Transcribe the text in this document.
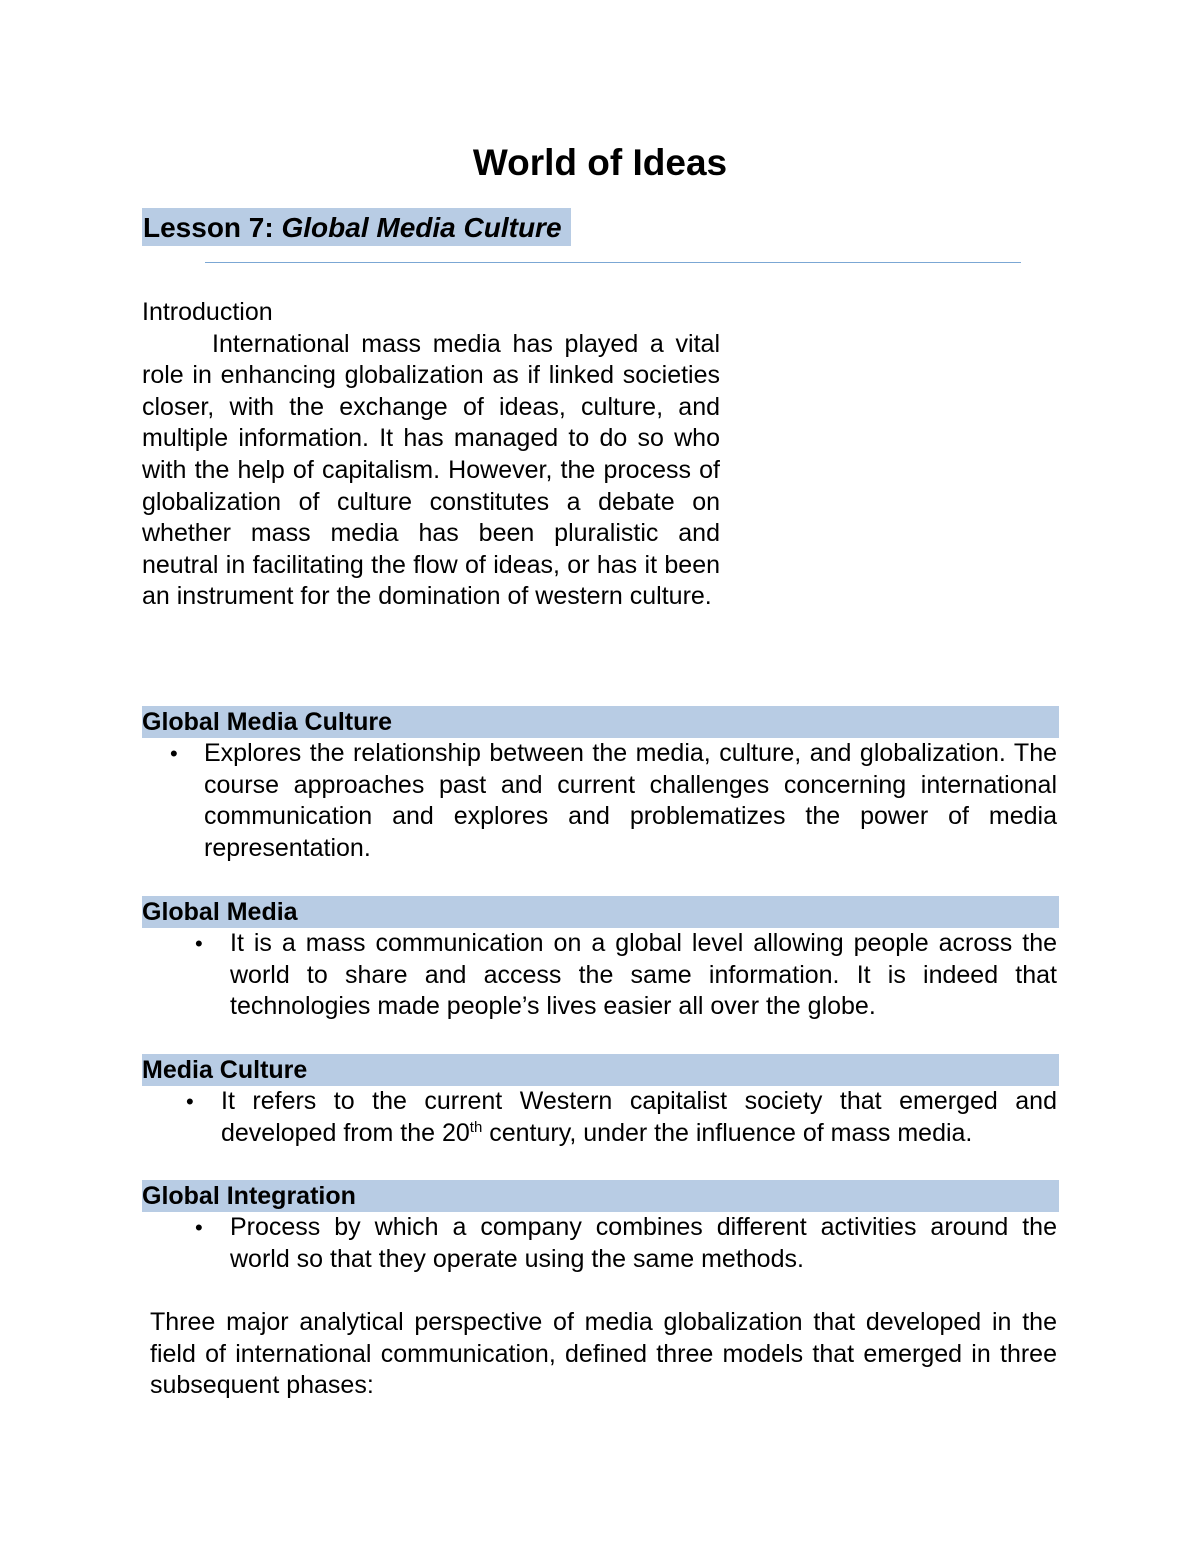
World of Ideas
Lesson 7: Global Media Culture
Introduction
International mass media has played a vital role in enhancing globalization as if linked societies closer, with the exchange of ideas, culture, and multiple information. It has managed to do so who with the help of capitalism. However, the process of globalization of culture constitutes a debate on whether mass media has been pluralistic and neutral in facilitating the flow of ideas, or has it been an instrument for the domination of western culture.
Global Media Culture
• Explores the relationship between the media, culture, and globalization. The course approaches past and current challenges concerning international communication and explores and problematizes the power of media representation.
Global Media
• It is a mass communication on a global level allowing people across the world to share and access the same information. It is indeed that technologies made people’s lives easier all over the globe.
Media Culture
• It refers to the current Western capitalist society that emerged and developed from the 20th century, under the influence of mass media.
Global Integration
• Process by which a company combines different activities around the world so that they operate using the same methods.
Three major analytical perspective of media globalization that developed in the field of international communication, defined three models that emerged in three subsequent phases:
